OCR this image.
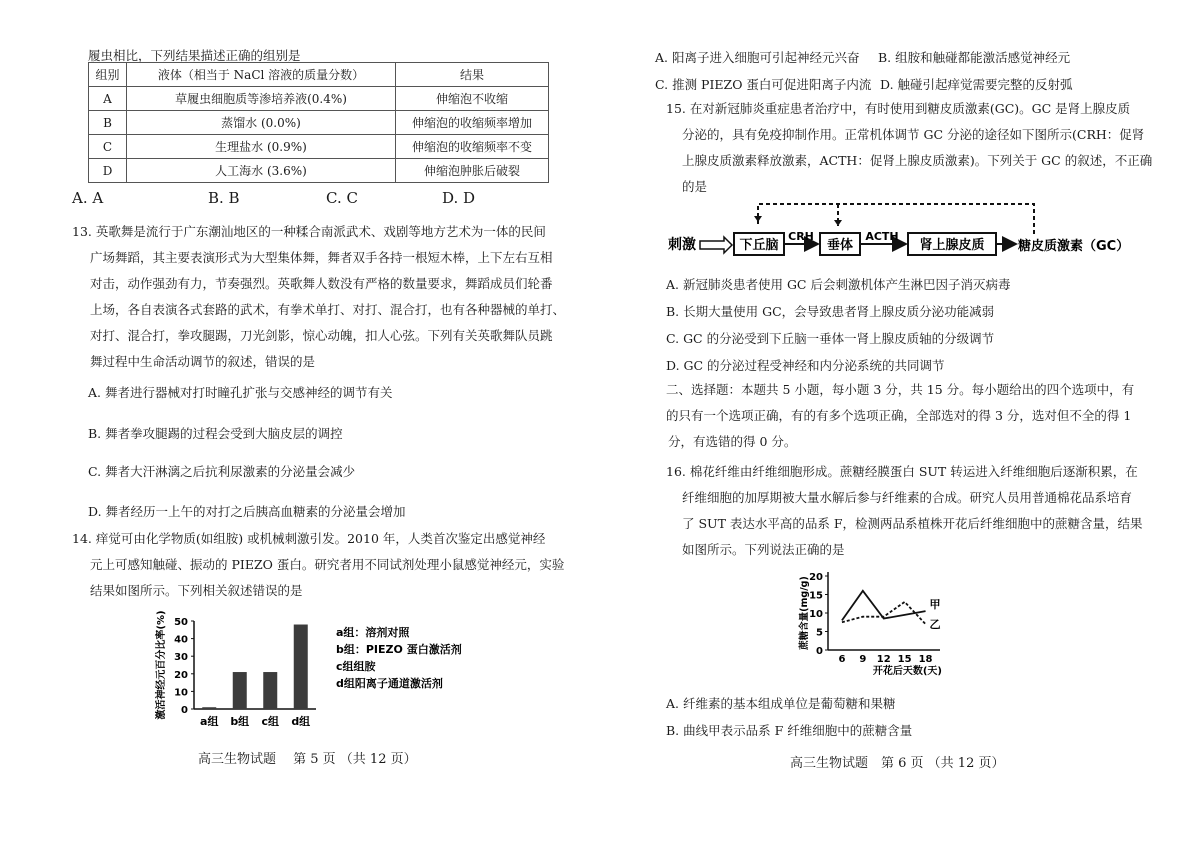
履虫相比，下列结果描述正确的组别是
组别	液体（相当于 NaCl 溶液的质量分数）	结果
A	草履虫细胞质等渗培养液(0.4%)	伸缩泡不收缩
B	蒸馏水 (0.0%)	伸缩泡的收缩频率增加
C	生理盐水 (0.9%)	伸缩泡的收缩频率不变
D	人工海水 (3.6%)	伸缩泡肿胀后破裂
A. A	B. B	C. C	D. D
13. 英歌舞是流行于广东潮汕地区的一种糅合南派武术、戏剧等地方艺术为一体的民间
广场舞蹈，其主要表演形式为大型集体舞，舞者双手各持一根短木棒，上下左右互相
对击，动作强劲有力，节奏强烈。英歌舞人数没有严格的数量要求，舞蹈成员们轮番
上场，各自表演各式套路的武术，有拳术单打、对打、混合打，也有各种器械的单打、
对打、混合打，拳攻腿踢，刀光剑影，惊心动魄，扣人心弦。下列有关英歌舞队员跳
舞过程中生命活动调节的叙述，错误的是
A. 舞者进行器械对打时瞳孔扩张与交感神经的调节有关
B. 舞者拳攻腿踢的过程会受到大脑皮层的调控
C. 舞者大汗淋漓之后抗利尿激素的分泌量会减少
D. 舞者经历一上午的对打之后胰高血糖素的分泌量会增加
14. 痒觉可由化学物质(如组胺) 或机械刺激引发。2010 年，人类首次鉴定出感觉神经
元上可感知触碰、振动的 PIEZO 蛋白。研究者用不同试剂处理小鼠感觉神经元，实验
结果如图所示。下列相关叙述错误的是
0
10
20
30
40
50
激活神经元百分比率(%)
a组 b组 c组 d组
a组：溶剂对照
b组：PIEZO 蛋白激活剂
c组组胺
d组阳离子通道激活剂
高三生物试题　 第 5 页 （共 12 页）
A. 阳离子进入细胞可引起神经元兴奋 B. 组胺和触碰都能激活感觉神经元
C. 推测 PIEZO 蛋白可促进阳离子内流 D. 触碰引起痒觉需要完整的反射弧
15. 在对新冠肺炎重症患者治疗中，有时使用到糖皮质激素(GC)。GC 是肾上腺皮质
分泌的，具有免疫抑制作用。正常机体调节 GC 分泌的途径如下图所示(CRH：促肾
上腺皮质激素释放激素，ACTH：促肾上腺皮质激素)。下列关于 GC 的叙述，不正确
的是
刺激	下丘脑
CRH
垂体
ACTH
肾上腺皮质	糖皮质激素（GC）
A. 新冠肺炎患者使用 GC 后会刺激机体产生淋巴因子消灭病毒
B. 长期大量使用 GC，会导致患者肾上腺皮质分泌功能减弱
C. GC 的分泌受到下丘脑一垂体一肾上腺皮质轴的分级调节
D. GC 的分泌过程受神经和内分泌系统的共同调节
二、选择题：本题共 5 小题，每小题 3 分，共 15 分。每小题给出的四个选项中，有
的只有一个选项正确，有的有多个选项正确，全部选对的得 3 分，选对但不全的得 1
分，有选错的得 0 分。
16. 棉花纤维由纤维细胞形成。蔗糖经膜蛋白 SUT 转运进入纤维细胞后逐渐积累，在
纤维细胞的加厚期被大量水解后参与纤维素的合成。研究人员用普通棉花品系培育
了 SUT 表达水平高的品系 F，检测两品系植株开花后纤维细胞中的蔗糖含量，结果
如图所示。下列说法正确的是
0
5
10
15
20
6 9 12 15 18
开花后天数(天)
蔗糖含量(mg/g)	甲
乙
A. 纤维素的基本组成单位是葡萄糖和果糖
B. 曲线甲表示品系 F 纤维细胞中的蔗糖含量
高三生物试题　第 6 页 （共 12 页）
